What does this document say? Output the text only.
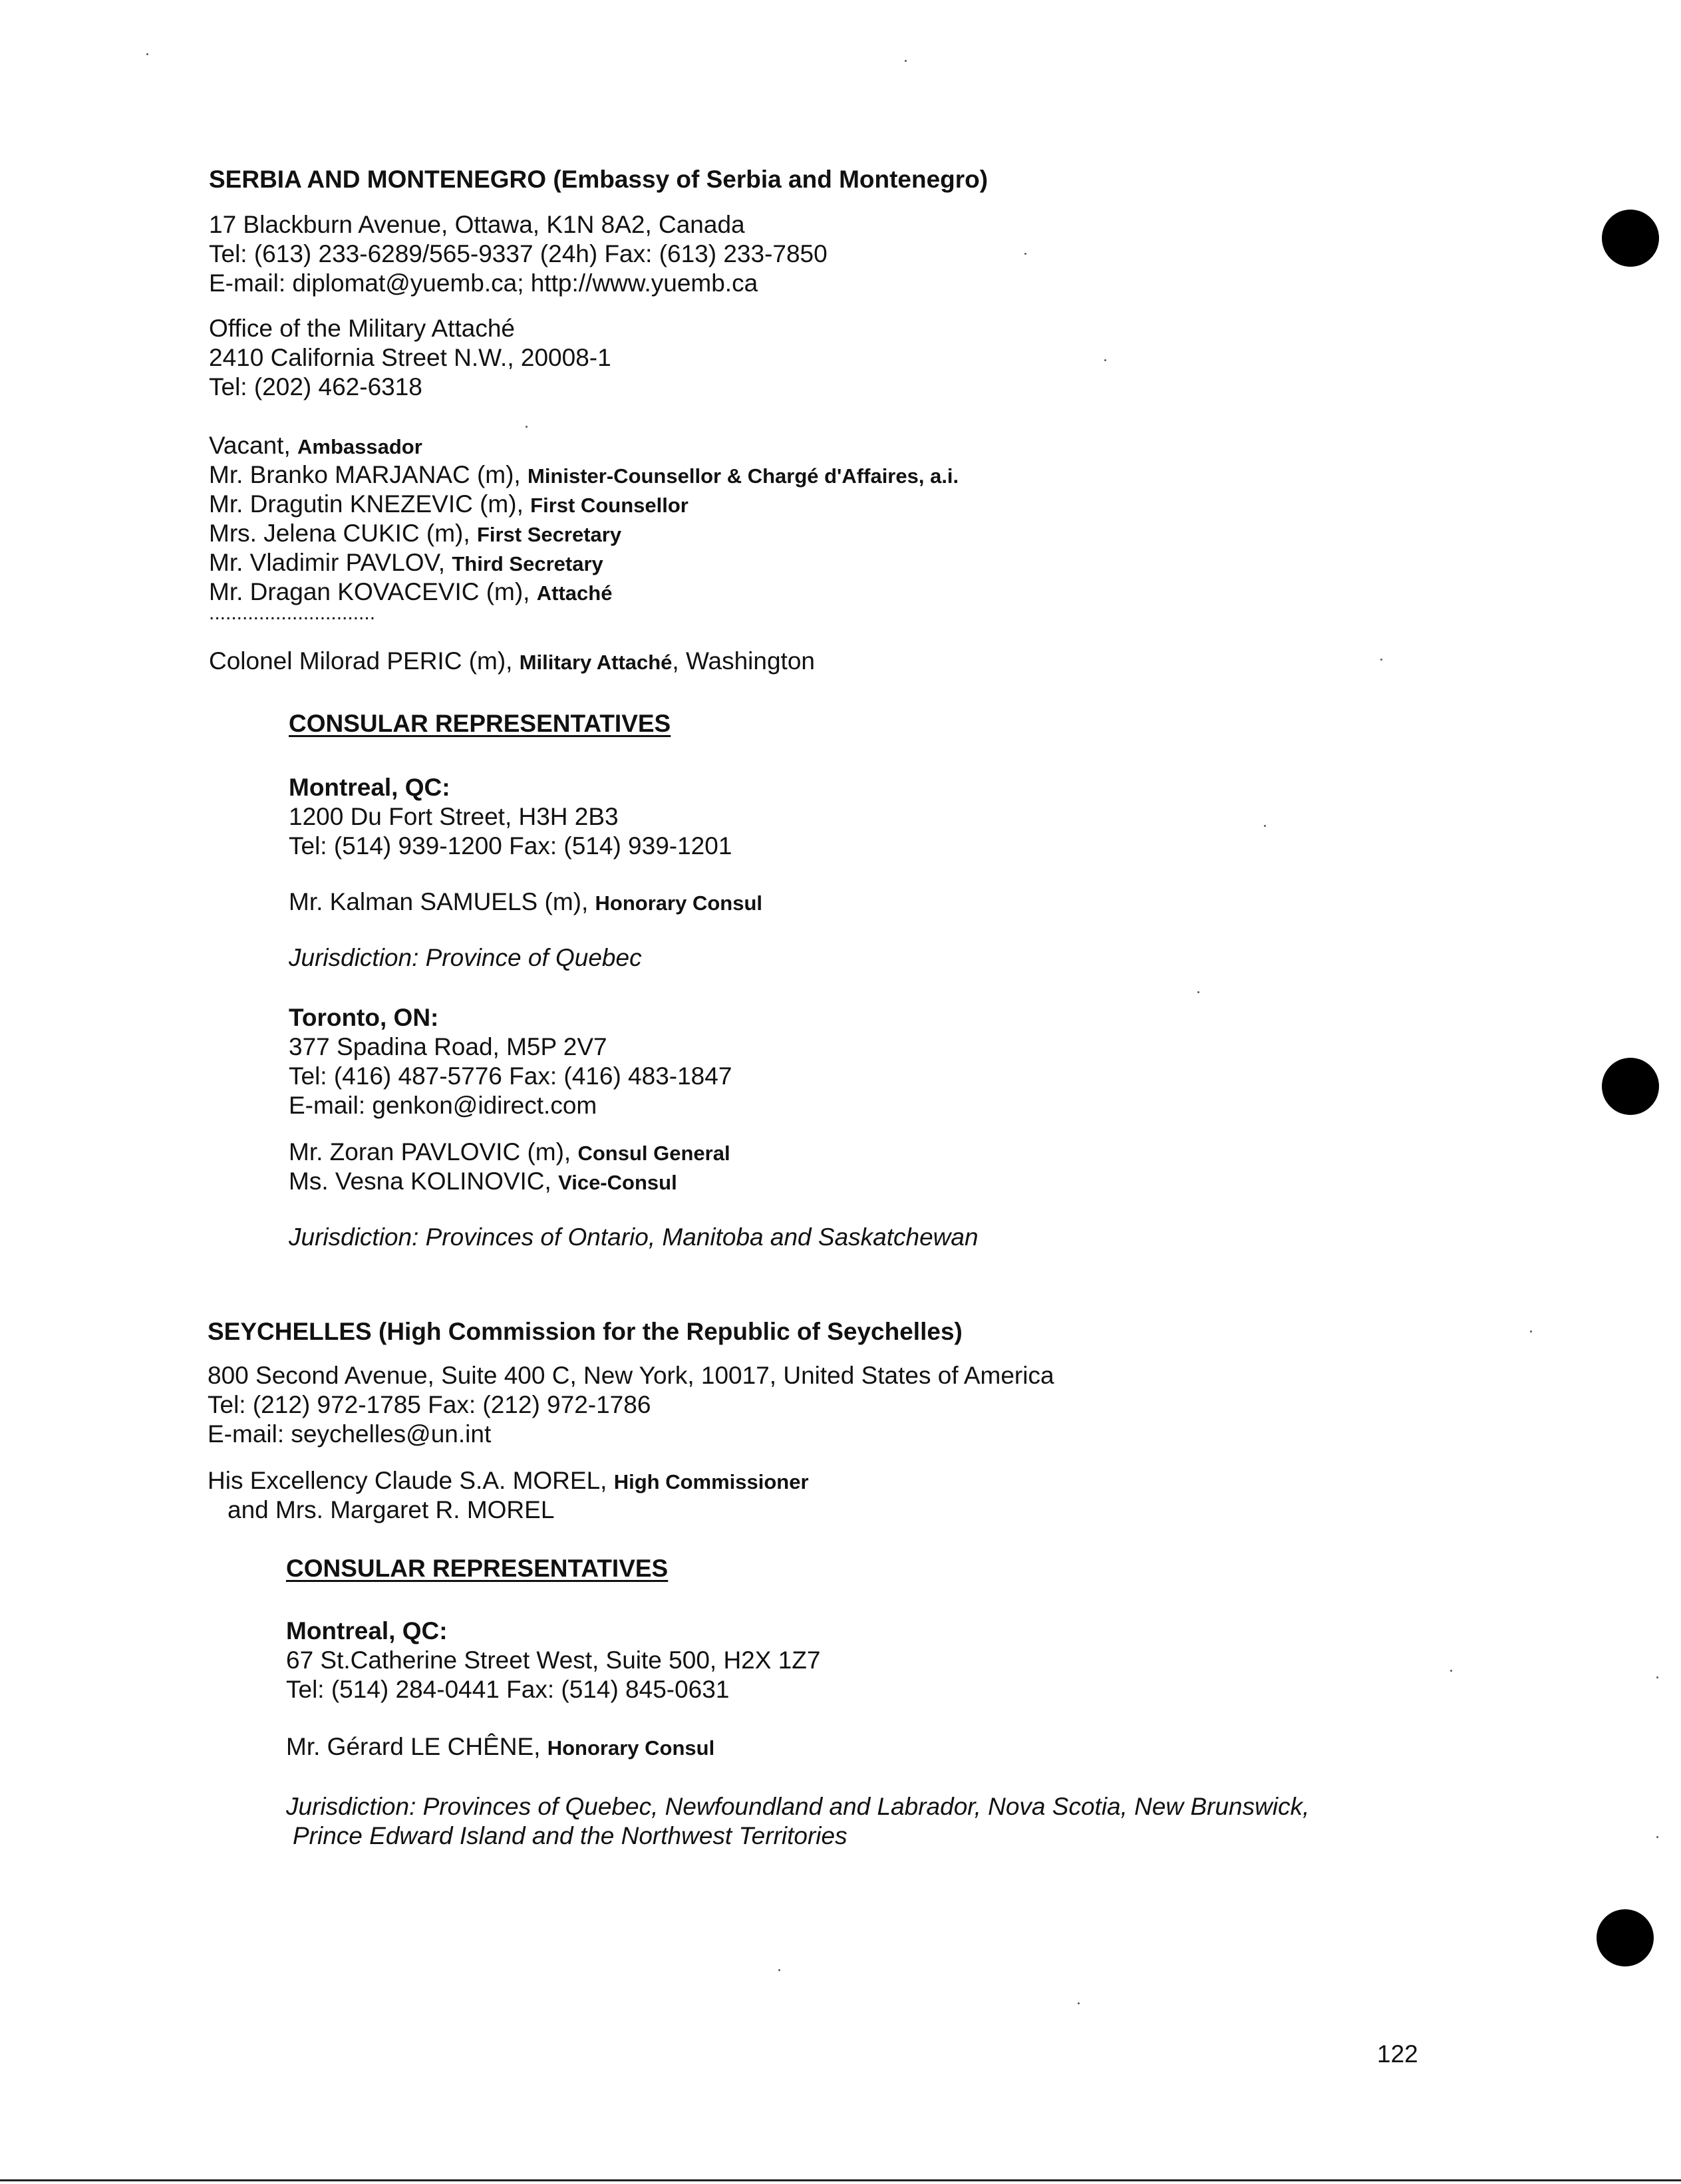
SERBIA AND MONTENEGRO (Embassy of Serbia and Montenegro)
17 Blackburn Avenue, Ottawa, K1N 8A2, Canada
Tel: (613) 233-6289/565-9337 (24h) Fax: (613) 233-7850
E-mail: diplomat@yuemb.ca; http://www.yuemb.ca
Office of the Military Attaché
2410 California Street N.W., 20008-1
Tel: (202) 462-6318
Vacant, Ambassador
Mr. Branko MARJANAC (m), Minister-Counsellor & Chargé d'Affaires, a.i.
Mr. Dragutin KNEZEVIC (m), First Counsellor
Mrs. Jelena CUKIC (m), First Secretary
Mr. Vladimir PAVLOV, Third Secretary
Mr. Dragan KOVACEVIC (m), Attaché
..............................
Colonel Milorad PERIC (m), Military Attaché, Washington
CONSULAR REPRESENTATIVES
Montreal, QC:
1200 Du Fort Street, H3H 2B3
Tel: (514) 939-1200 Fax: (514) 939-1201
Mr. Kalman SAMUELS (m), Honorary Consul
Jurisdiction: Province of Quebec
Toronto, ON:
377 Spadina Road, M5P 2V7
Tel: (416) 487-5776 Fax: (416) 483-1847
E-mail: genkon@idirect.com
Mr. Zoran PAVLOVIC (m), Consul General
Ms. Vesna KOLINOVIC, Vice-Consul
Jurisdiction: Provinces of Ontario, Manitoba and Saskatchewan
SEYCHELLES (High Commission for the Republic of Seychelles)
800 Second Avenue, Suite 400 C, New York, 10017, United States of America
Tel: (212) 972-1785 Fax: (212) 972-1786
E-mail: seychelles@un.int
His Excellency Claude S.A. MOREL, High Commissioner
and Mrs. Margaret R. MOREL
CONSULAR REPRESENTATIVES
Montreal, QC:
67 St.Catherine Street West, Suite 500, H2X 1Z7
Tel: (514) 284-0441 Fax: (514) 845-0631
Mr. Gérard LE CHÊNE, Honorary Consul
Jurisdiction: Provinces of Quebec, Newfoundland and Labrador, Nova Scotia, New Brunswick,
Prince Edward Island and the Northwest Territories
122
